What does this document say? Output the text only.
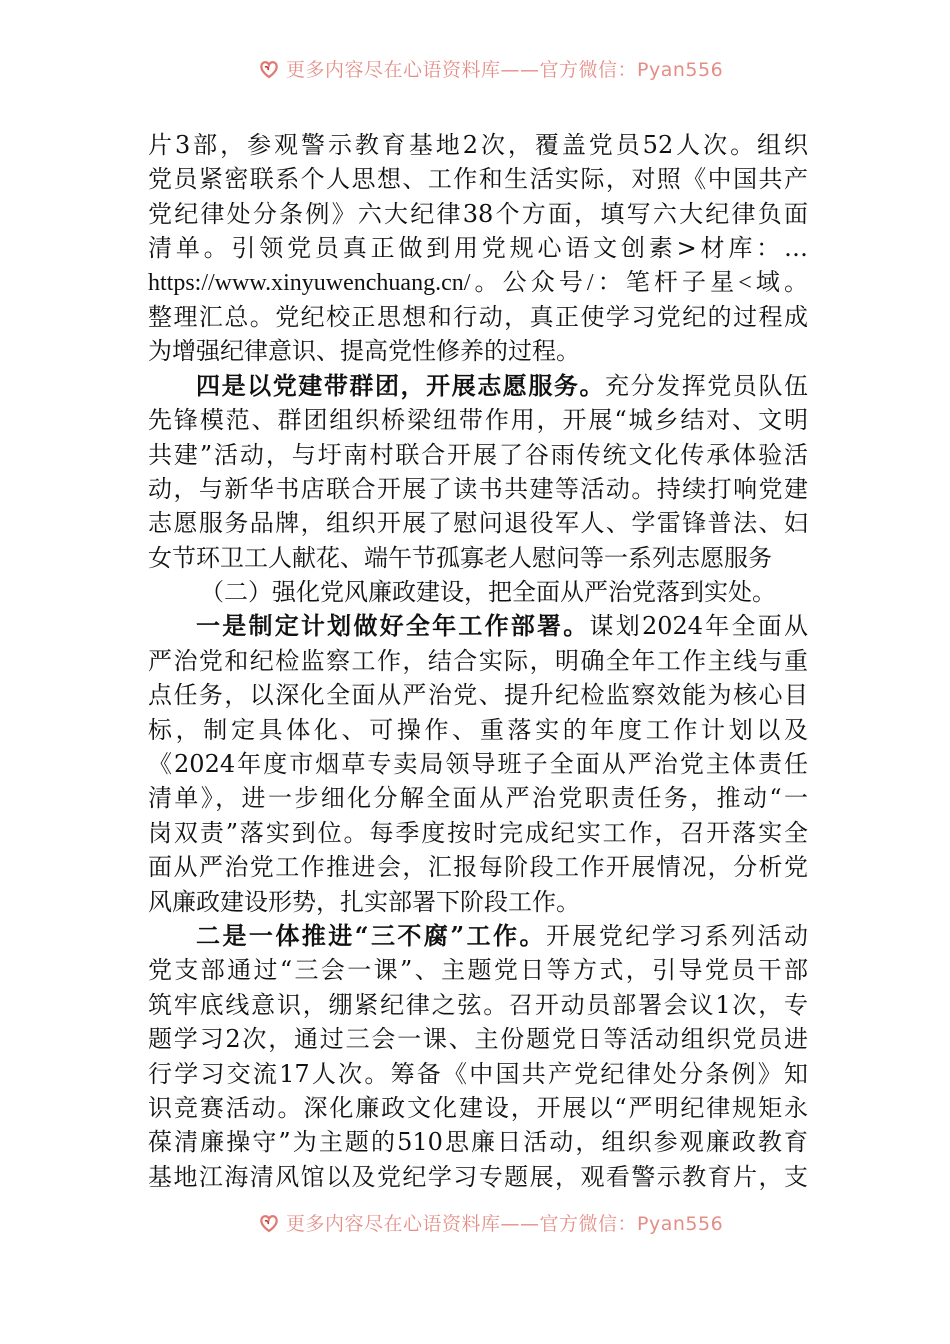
更多内容尽在心语资料库——官方微信：Pyan556
片3部，参观警示教育基地2次，覆盖党员52人次。组织
党员紧密联系个人思想、工作和生活实际，对照《中国共产
党纪律处分条例》六大纪律38个方面，填写六大纪律负面
清单。引领党员真正做到用党规心语文创素>材库：…
https://www.xinyuwenchuang.cn/。公众号/：笔杆子星<域。
整理汇总。党纪校正思想和行动，真正使学习党纪的过程成
为增强纪律意识、提高党性修养的过程。
四是以党建带群团，开展志愿服务。充分发挥党员队伍
先锋模范、群团组织桥梁纽带作用，开展“城乡结对、文明
共建”活动，与圩南村联合开展了谷雨传统文化传承体验活
动，与新华书店联合开展了读书共建等活动。持续打响党建
志愿服务品牌，组织开展了慰问退役军人、学雷锋普法、妇
女节环卫工人献花、端午节孤寡老人慰问等一系列志愿服务
（二）强化党风廉政建设，把全面从严治党落到实处。
一是制定计划做好全年工作部署。谋划2024年全面从
严治党和纪检监察工作，结合实际，明确全年工作主线与重
点任务，以深化全面从严治党、提升纪检监察效能为核心目
标，制定具体化、可操作、重落实的年度工作计划以及
《2024年度市烟草专卖局领导班子全面从严治党主体责任
清单》，进一步细化分解全面从严治党职责任务，推动“一
岗双责”落实到位。每季度按时完成纪实工作，召开落实全
面从严治党工作推进会，汇报每阶段工作开展情况，分析党
风廉政建设形势，扎实部署下阶段工作。
二是一体推进“三不腐”工作。开展党纪学习系列活动
党支部通过“三会一课”、主题党日等方式，引导党员干部
筑牢底线意识，绷紧纪律之弦。召开动员部署会议1次，专
题学习2次，通过三会一课、主份题党日等活动组织党员进
行学习交流17人次。筹备《中国共产党纪律处分条例》知
识竞赛活动。深化廉政文化建设，开展以“严明纪律规矩永
葆清廉操守”为主题的510思廉日活动，组织参观廉政教育
基地江海清风馆以及党纪学习专题展，观看警示教育片，支
更多内容尽在心语资料库——官方微信：Pyan556
